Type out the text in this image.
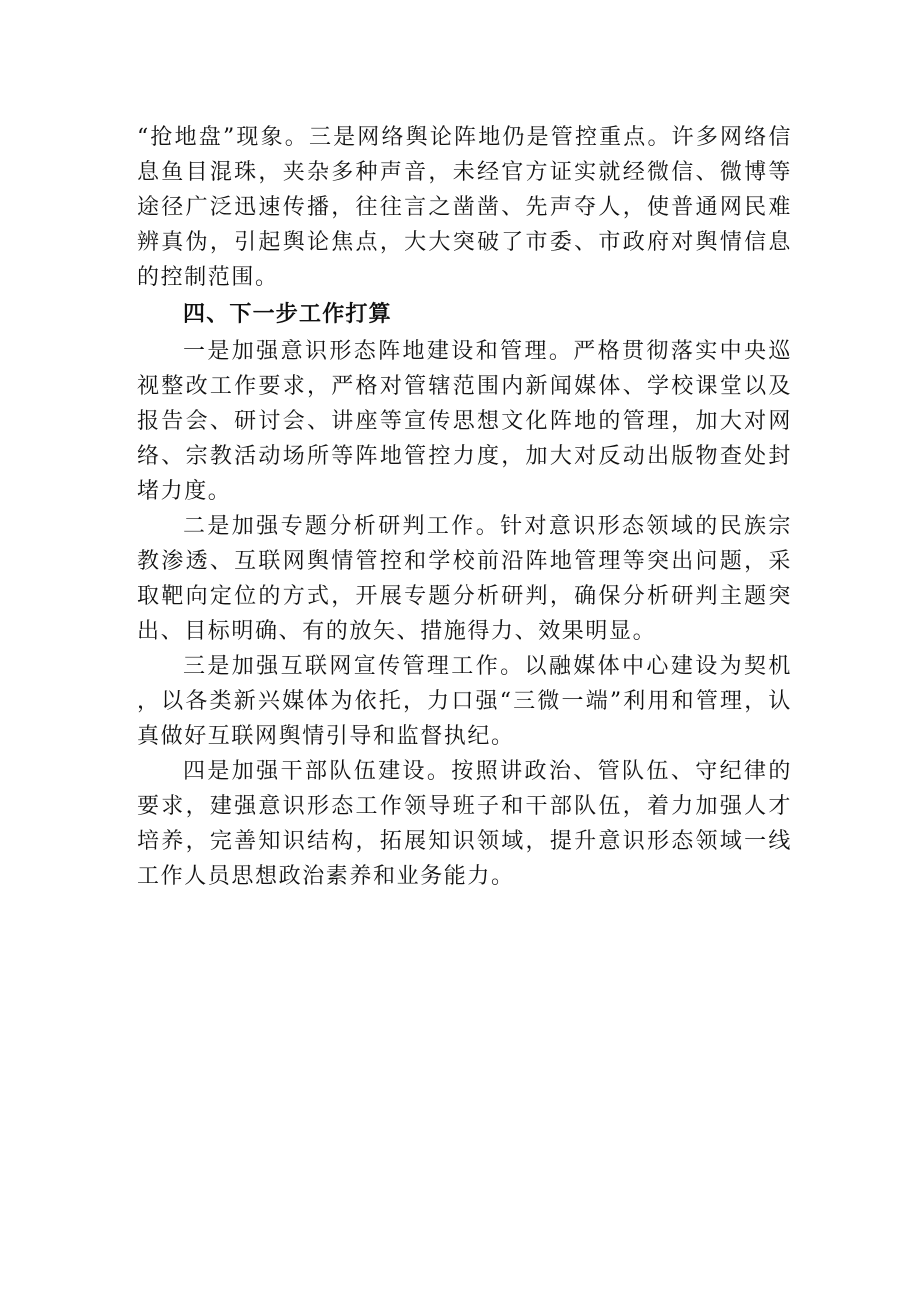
“抢地盘”现象。三是网络舆论阵地仍是管控重点。许多网络信息鱼目混珠，夹杂多种声音，未经官方证实就经微信、微博等途径广泛迅速传播，往往言之凿凿、先声夺人，使普通网民难辨真伪，引起舆论焦点，大大突破了市委、市政府对舆情信息的控制范围。

四、下一步工作打算

一是加强意识形态阵地建设和管理。严格贯彻落实中央巡视整改工作要求，严格对管辖范围内新闻媒体、学校课堂以及报告会、研讨会、讲座等宣传思想文化阵地的管理，加大对网络、宗教活动场所等阵地管控力度，加大对反动出版物查处封堵力度。

二是加强专题分析研判工作。针对意识形态领域的民族宗教渗透、互联网舆情管控和学校前沿阵地管理等突出问题，采取靶向定位的方式，开展专题分析研判，确保分析研判主题突出、目标明确、有的放矢、措施得力、效果明显。

三是加强互联网宣传管理工作。以融媒体中心建设为契机，以各类新兴媒体为依托，力口强“三微一端”利用和管理，认真做好互联网舆情引导和监督执纪。

四是加强干部队伍建设。按照讲政治、管队伍、守纪律的要求，建强意识形态工作领导班子和干部队伍，着力加强人才培养，完善知识结构，拓展知识领域，提升意识形态领域一线工作人员思想政治素养和业务能力。
